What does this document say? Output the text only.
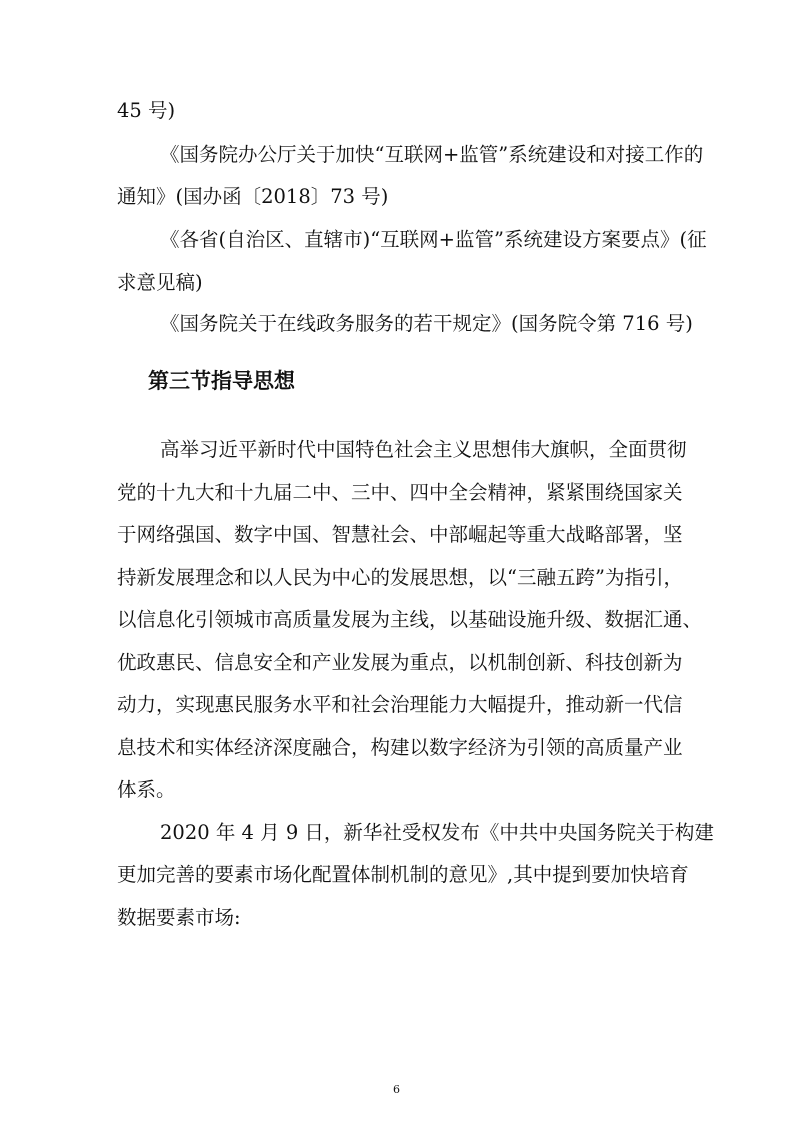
45 号)
《国务院办公厅关于加快“互联网+监管”系统建设和对接工作的
通知》(国办函〔2018〕73 号)
《各省(自治区、直辖市)“互联网+监管”系统建设方案要点》(征
求意见稿)
《国务院关于在线政务服务的若干规定》(国务院令第 716 号)
第三节指导思想
高举习近平新时代中国特色社会主义思想伟大旗帜，全面贯彻
党的十九大和十九届二中、三中、四中全会精神，紧紧围绕国家关
于网络强国、数字中国、智慧社会、中部崛起等重大战略部署，坚
持新发展理念和以人民为中心的发展思想，以“三融五跨”为指引，
以信息化引领城市高质量发展为主线，以基础设施升级、数据汇通、
优政惠民、信息安全和产业发展为重点，以机制创新、科技创新为
动力，实现惠民服务水平和社会治理能力大幅提升，推动新一代信
息技术和实体经济深度融合，构建以数字经济为引领的高质量产业
体系。
2020 年 4 月 9 日，新华社受权发布《中共中央国务院关于构建
更加完善的要素市场化配置体制机制的意见》,其中提到要加快培育
数据要素市场:
6
